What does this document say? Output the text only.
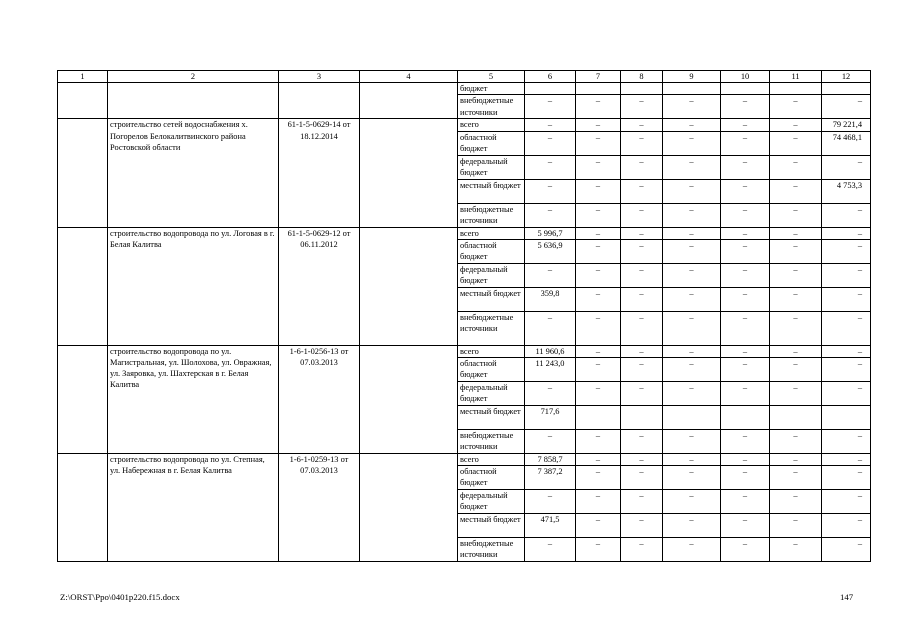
1	2	3	4	5	6	7	8	9	10	11	12
				бюджет							
				внебюджетные источники	–	–	–	–	–	–	–
	строительство сетей водоснабжения х. Погорелов Белокалитвинского района Ростовской области	61-1-5-0629-14 от 18.12.2014		всего	–	–	–	–	–	–	79 221,4
				областной бюджет	–	–	–	–	–	–	74 468,1
				федеральный бюджет	–	–	–	–	–	–	–
				местный бюджет	–	–	–	–	–	–	4 753,3
				внебюджетные источники	–	–	–	–	–	–	–
	строительство водопровода по ул. Логовая в г. Белая Калитва	61-1-5-0629-12 от 06.11.2012		всего	5 996,7	–	–	–	–	–	–
				областной бюджет	5 636,9	–	–	–	–	–	–
				федеральный бюджет	–	–	–	–	–	–	–
				местный бюджет	359,8	–	–	–	–	–	–
				внебюджетные источники	–	–	–	–	–	–	–
	строительство водопровода по ул. Магистральная, ул. Шолохова, ул. Овражная, ул. Заяровка, ул. Шахтерская в г. Белая Калитва	1-6-1-0256-13 от 07.03.2013		всего	11 960,6	–	–	–	–	–	–
				областной бюджет	11 243,0	–	–	–	–	–	–
				федеральный бюджет	–	–	–	–	–	–	–
				местный бюджет	717,6						
				внебюджетные источники	–	–	–	–	–	–	–
	строительство водопровода по ул. Степная, ул. Набережная в г. Белая Калитва	1-6-1-0259-13 от 07.03.2013		всего	7 858,7	–	–	–	–	–	–
				областной бюджет	7 387,2	–	–	–	–	–	–
				федеральный бюджет	–	–	–	–	–	–	–
				местный бюджет	471,5	–	–	–	–	–	–
				внебюджетные источники	–	–	–	–	–	–	–
Z:\ORST\Ppo\0401p220.f15.docx	147
